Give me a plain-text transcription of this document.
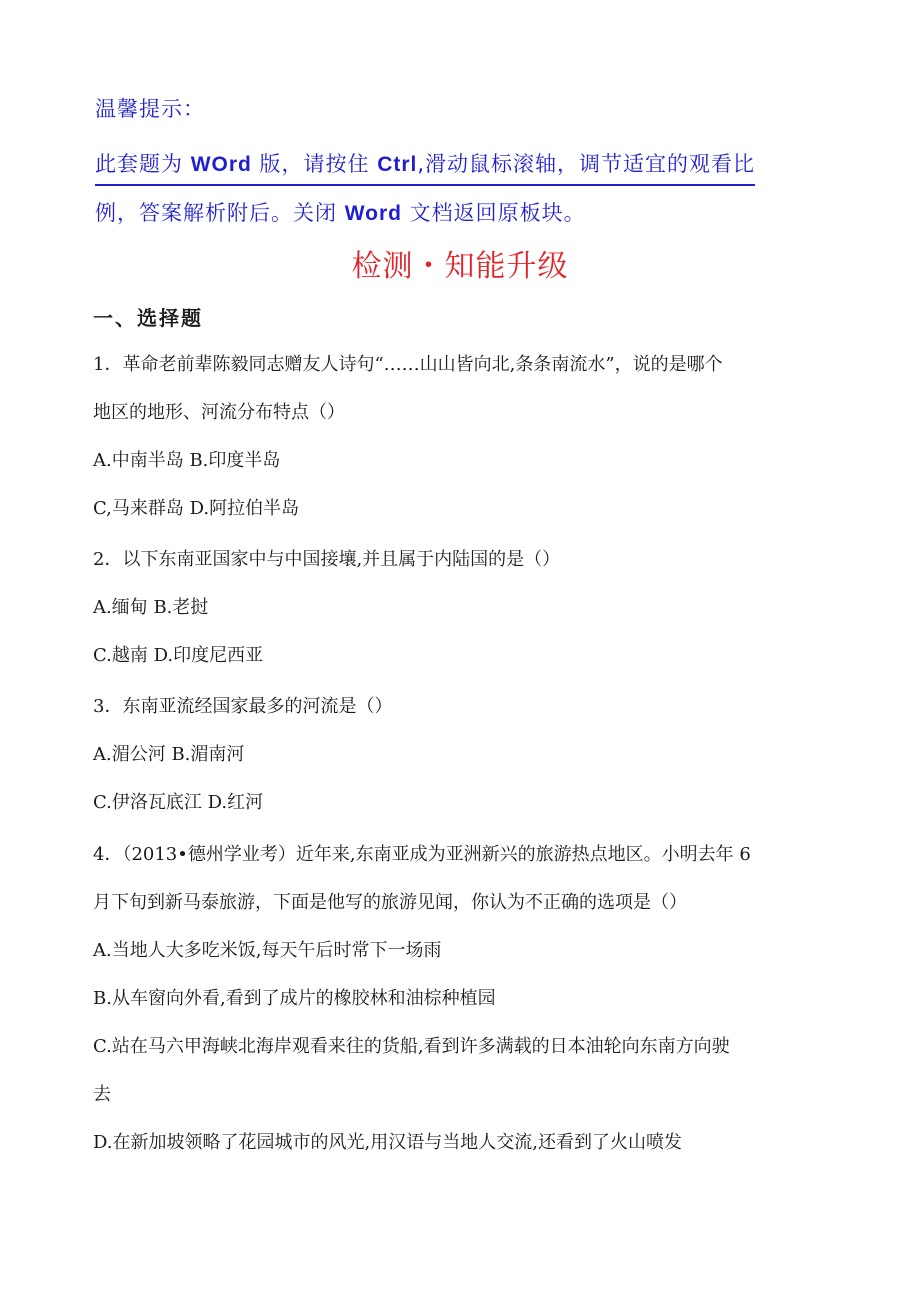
温馨提示：
此套题为 WOrd 版，请按住 Ctrl,滑动鼠标滚轴，调节适宜的观看比
例，答案解析附后。关闭 Word 文档返回原板块。
检测・知能升级
一、选择题
1．革命老前辈陈毅同志赠友人诗句“……山山皆向北,条条南流水”，说的是哪个
地区的地形、河流分布特点（）
A.中南半岛 B.印度半岛
C,马来群岛 D.阿拉伯半岛
2．以下东南亚国家中与中国接壤,并且属于内陆国的是（）
A.缅甸 B.老挝
C.越南 D.印度尼西亚
3．东南亚流经国家最多的河流是（）
A.湄公河 B.湄南河
C.伊洛瓦底江 D.红河
4．（2013•德州学业考）近年来,东南亚成为亚洲新兴的旅游热点地区。小明去年 6
月下旬到新马泰旅游，下面是他写的旅游见闻，你认为不正确的选项是（）
A.当地人大多吃米饭,每天午后时常下一场雨
B.从车窗向外看,看到了成片的橡胶林和油棕种植园
C.站在马六甲海峡北海岸观看来往的货船,看到许多满载的日本油轮向东南方向驶
去
D.在新加坡领略了花园城市的风光,用汉语与当地人交流,还看到了火山喷发
